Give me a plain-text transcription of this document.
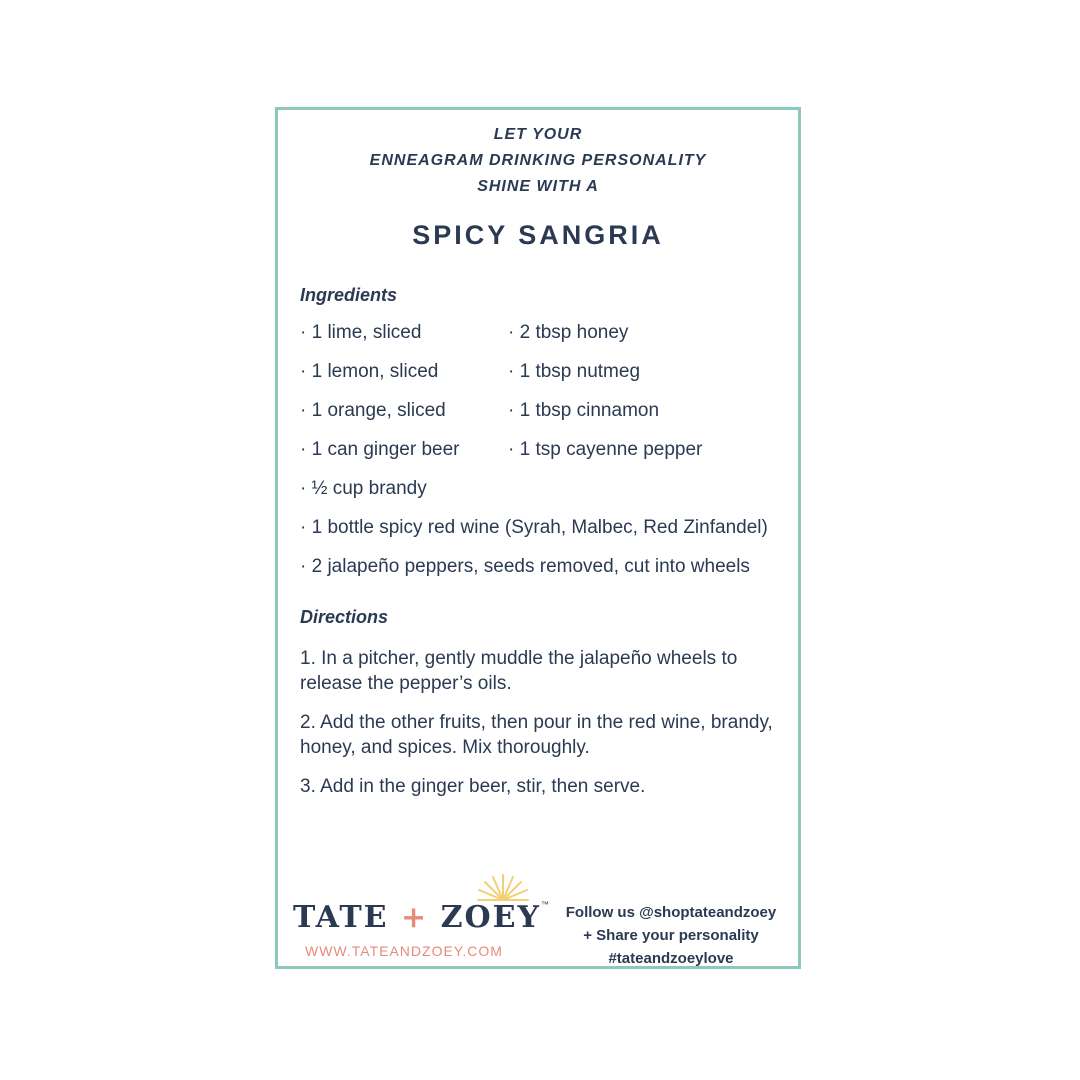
LET YOUR
ENNEAGRAM DRINKING PERSONALITY
SHINE WITH A
SPICY SANGRIA
Ingredients
· 1 lime, sliced	· 2 tbsp honey
· 1 lemon, sliced	· 1 tbsp nutmeg
· 1 orange, sliced	· 1 tbsp cinnamon
· 1 can ginger beer	· 1 tsp cayenne pepper
· ½ cup brandy
· 1 bottle spicy red wine (Syrah, Malbec, Red Zinfandel)
· 2 jalapeño peppers, seeds removed, cut into wheels
Directions
1. In a pitcher, gently muddle the jalapeño wheels to release the pepper’s oils.
2. Add the other fruits, then pour in the red wine, brandy, honey, and spices. Mix thoroughly.
3. Add in the ginger beer, stir, then serve.
TATE + ZOEY™
WWW.TATEANDZOEY.COM
Follow us @shoptateandzoey
+ Share your personality
#tateandzoeylove
